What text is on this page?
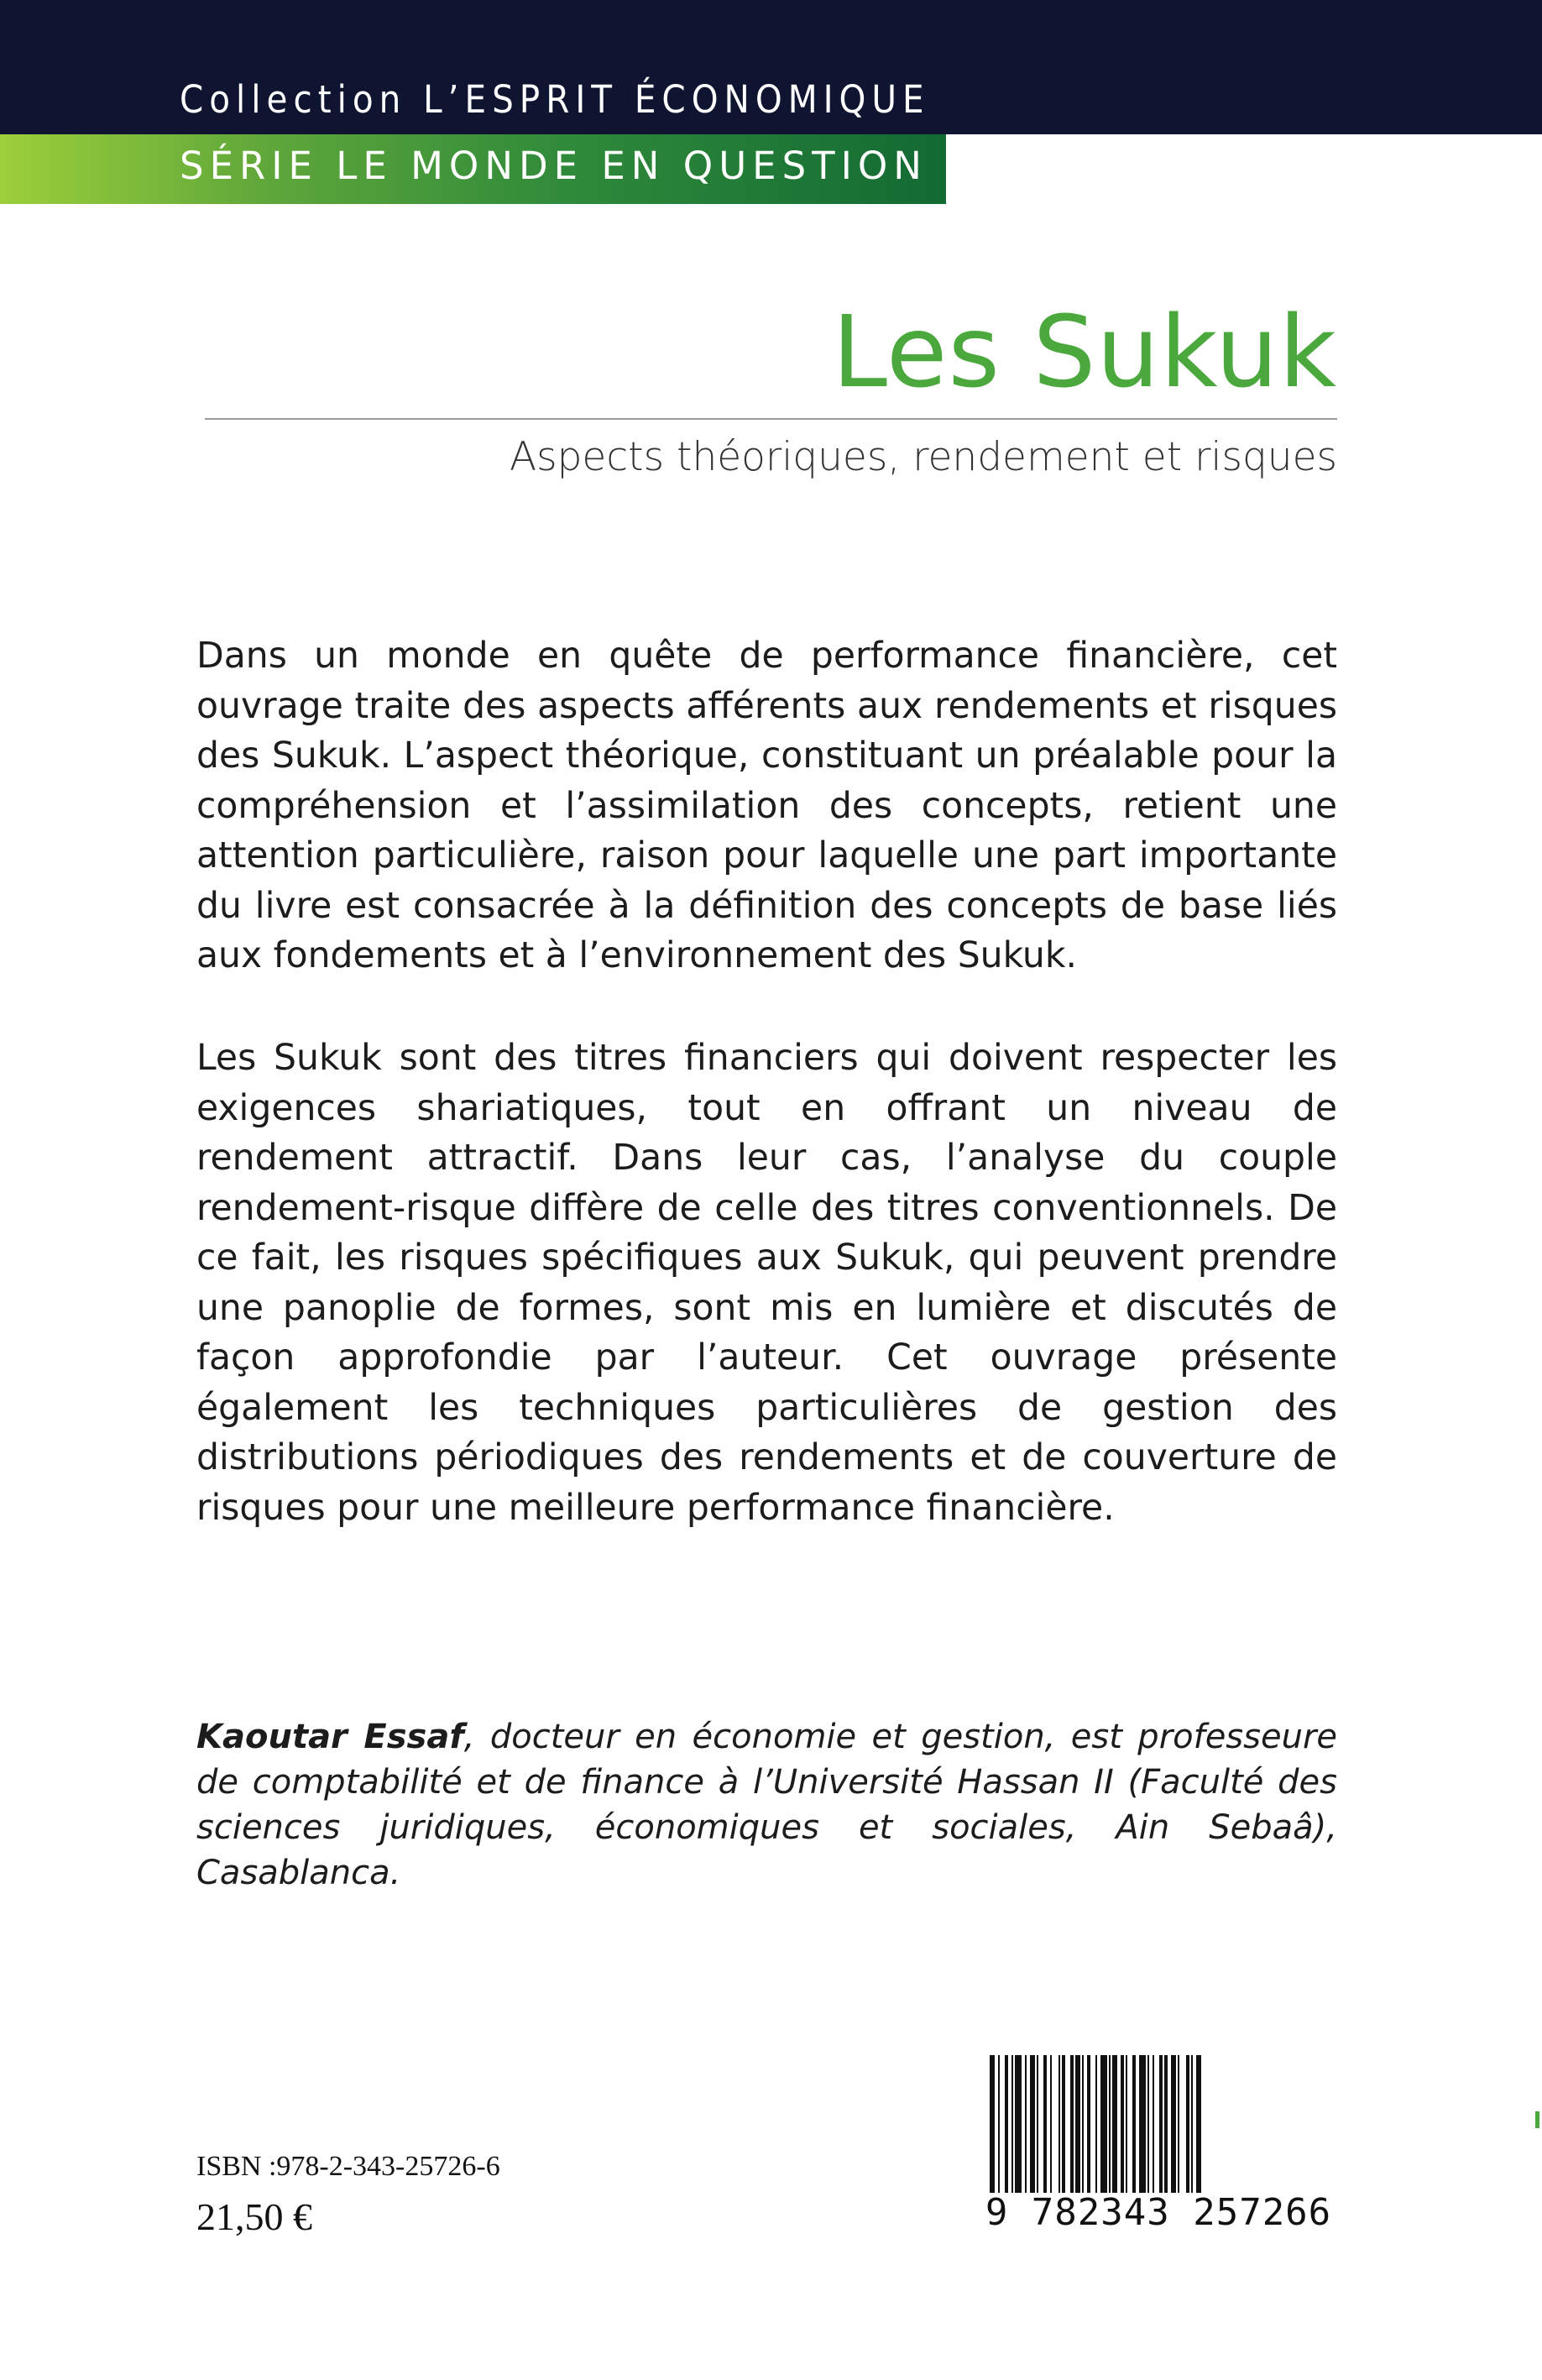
Collection L’ESPRIT ÉCONOMIQUE
SÉRIE LE MONDE EN QUESTION
Les Sukuk
Aspects théoriques, rendement et risques

Dans un monde en quête de performance financière, cet ouvrage traite des aspects afférents aux rendements et risques des Sukuk. L’aspect théorique, constituant un préalable pour la compréhension et l’assimilation des concepts, retient une attention particulière, raison pour laquelle une part importante du livre est consacrée à la définition des concepts de base liés aux fondements et à l’environnement des Sukuk.

Les Sukuk sont des titres financiers qui doivent respecter les exigences shariatiques, tout en offrant un niveau de rendement attractif. Dans leur cas, l’analyse du couple rendement-risque diffère de celle des titres conventionnels. De ce fait, les risques spécifiques aux Sukuk, qui peuvent prendre une panoplie de formes, sont mis en lumière et discutés de façon approfondie par l’auteur. Cet ouvrage présente également les techniques particulières de gestion des distributions périodiques des rendements et de couverture de risques pour une meilleure performance financière.

Kaoutar Essaf, docteur en économie et gestion, est professeure de comptabilité et de finance à l’Université Hassan II (Faculté des sciences juridiques, économiques et sociales, Ain Sebaâ), Casablanca.

ISBN :978-2-343-25726-6
21,50 €	9 782343 257266
